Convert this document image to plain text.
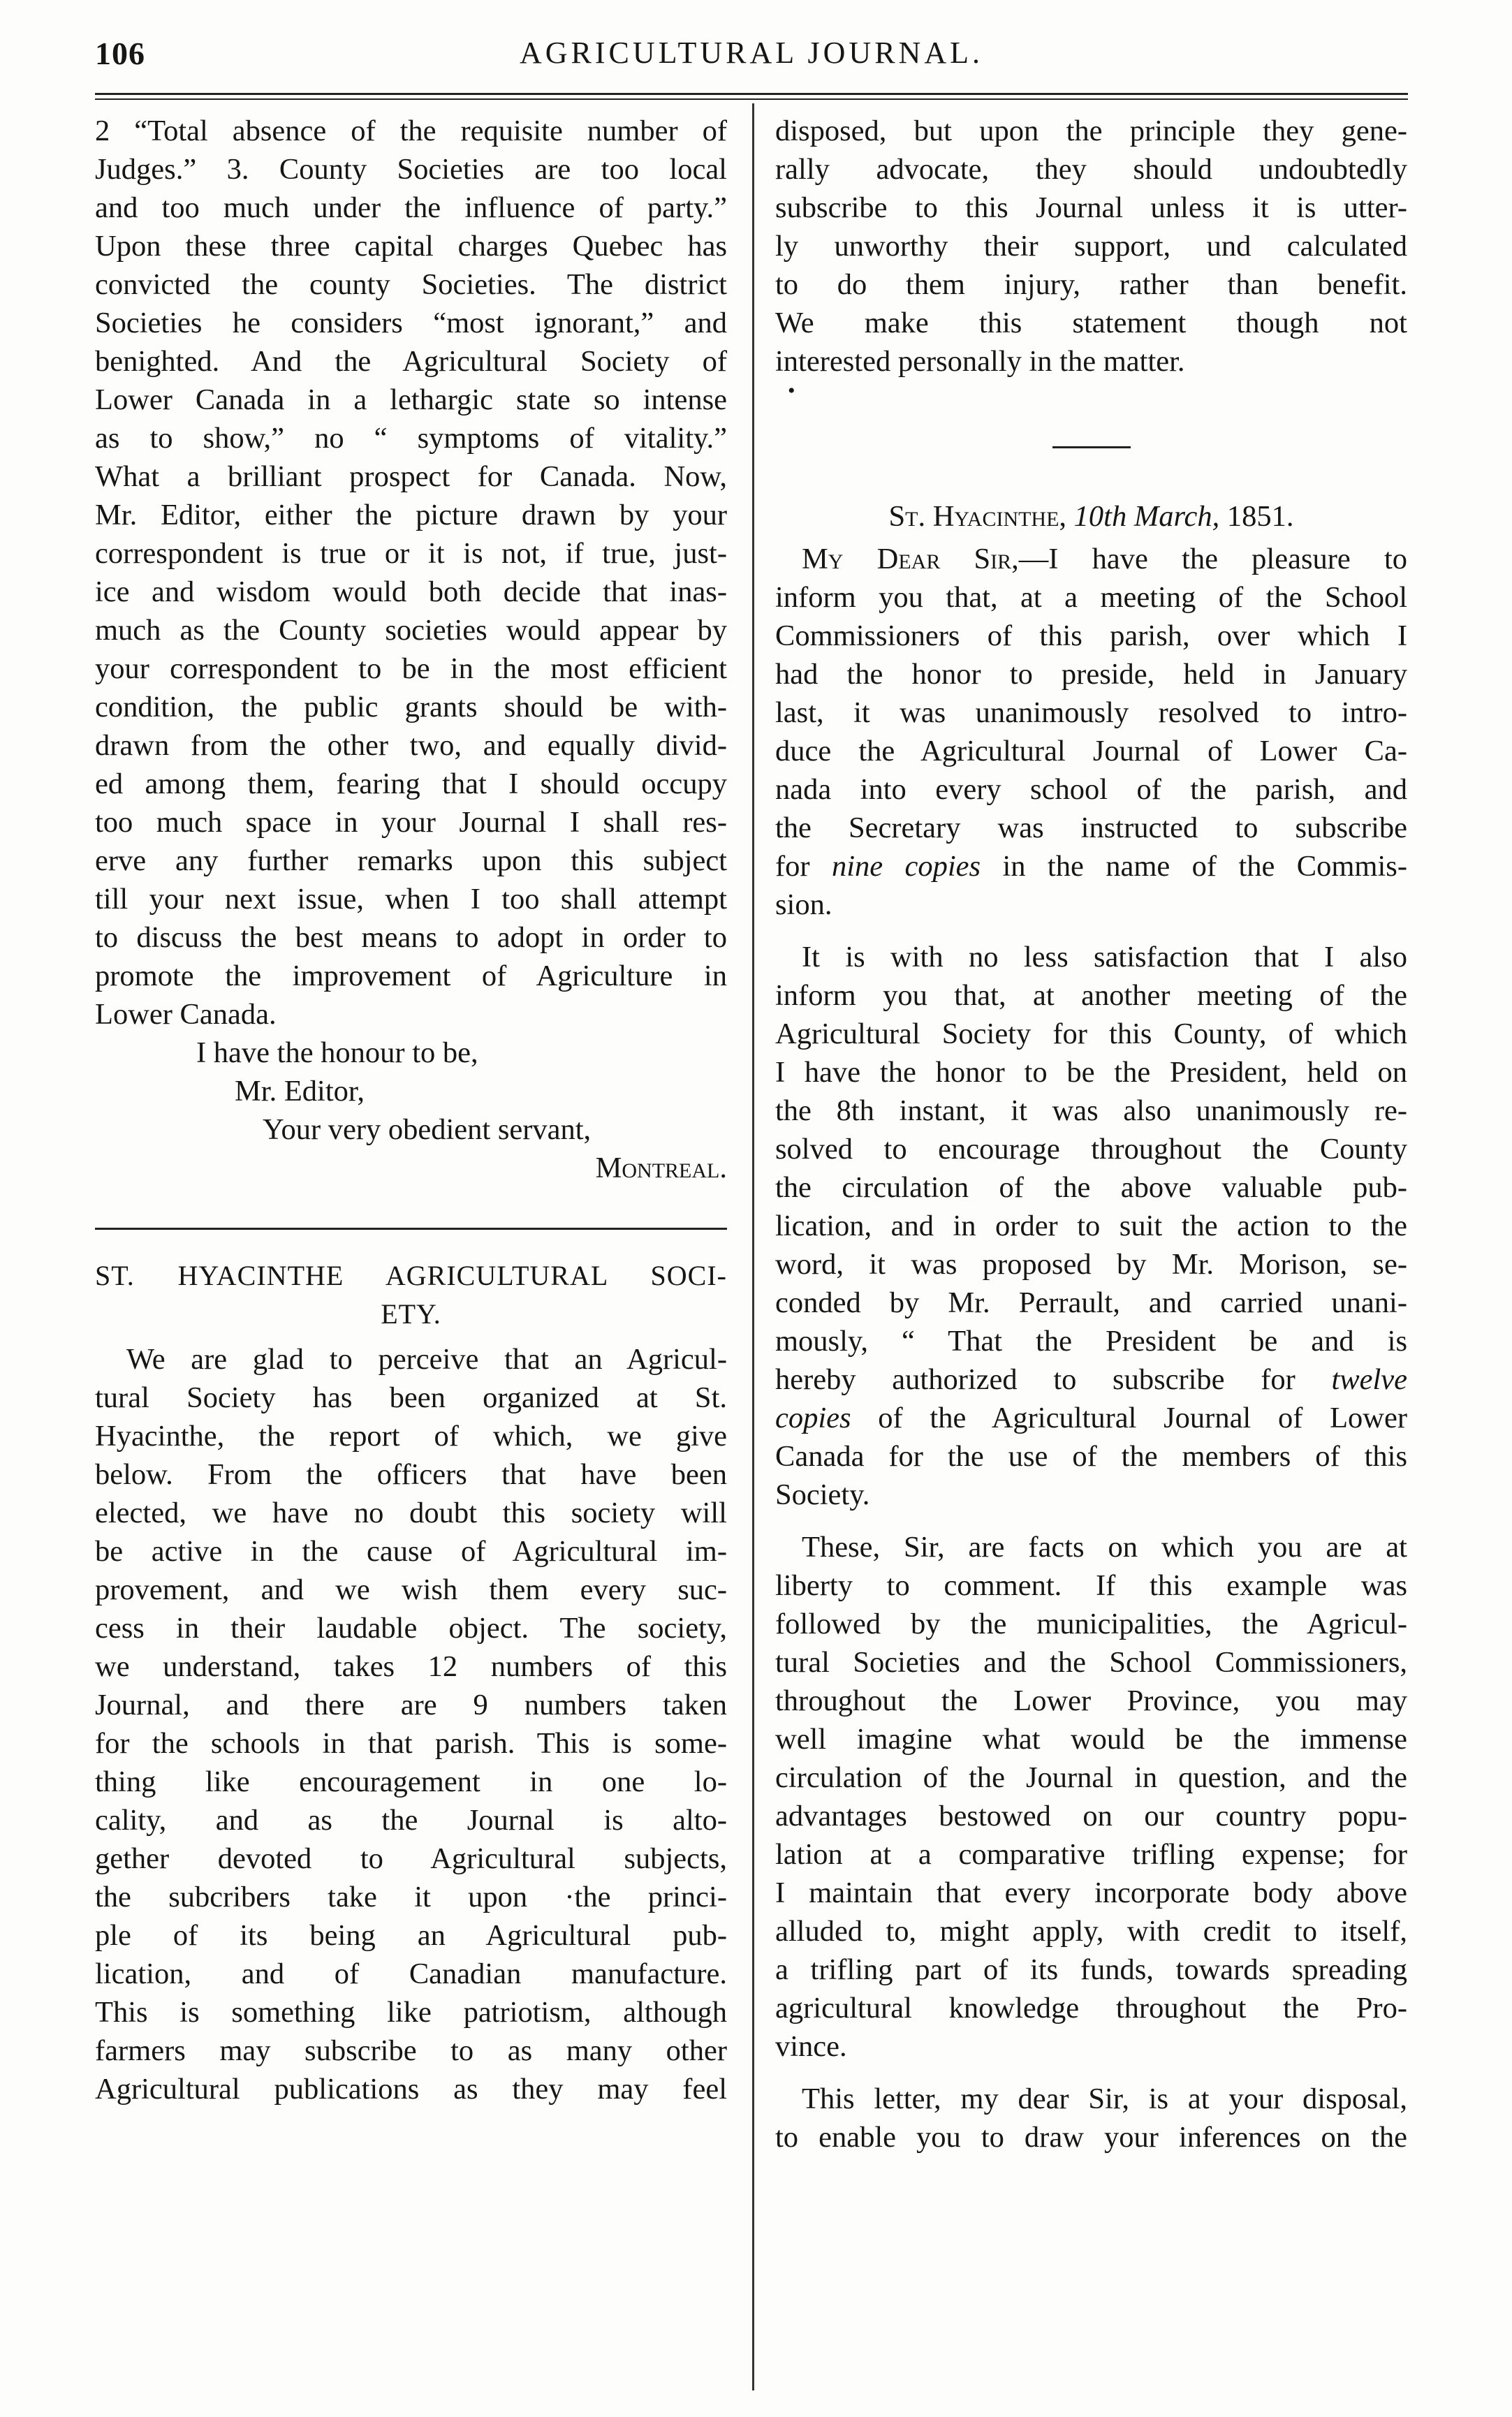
106	AGRICULTURAL JOURNAL.
2 “Total absence of the requisite number of
Judges.” 3. County Societies are too local
and too much under the influence of party.”
Upon these three capital charges Quebec has
convicted the county Societies. The district
Societies he considers “most ignorant,” and
benighted. And the Agricultural Society of
Lower Canada in a lethargic state so intense
as to show,” no “ symptoms of vitality.”
What a brilliant prospect for Canada. Now,
Mr. Editor, either the picture drawn by your
correspondent is true or it is not, if true, just-
ice and wisdom would both decide that inas-
much as the County societies would appear by
your correspondent to be in the most efficient
condition, the public grants should be with-
drawn from the other two, and equally divid-
ed among them, fearing that I should occupy
too much space in your Journal I shall res-
erve any further remarks upon this subject
till your next issue, when I too shall attempt
to discuss the best means to adopt in order to
promote the improvement of Agriculture in
Lower Canada.
I have the honour to be,
Mr. Editor,
Your very obedient servant,
Montreal.
ST. HYACINTHE AGRICULTURAL SOCI-
ETY.
We are glad to perceive that an Agricul-
tural Society has been organized at St.
Hyacinthe, the report of which, we give
below. From the officers that have been
elected, we have no doubt this society will
be active in the cause of Agricultural im-
provement, and we wish them every suc-
cess in their laudable object. The society,
we understand, takes 12 numbers of this
Journal, and there are 9 numbers taken
for the schools in that parish. This is some-
thing like encouragement in one lo-
cality, and as the Journal is alto-
gether devoted to Agricultural subjects,
the subcribers take it upon ·the princi-
ple of its being an Agricultural pub-
lication, and of Canadian manufacture.
This is something like patriotism, although
farmers may subscribe to as many other
Agricultural publications as they may feel
disposed, but upon the principle they gene-
rally advocate, they should undoubtedly
subscribe to this Journal unless it is utter-
ly unworthy their support, und calculated
to do them injury, rather than benefit.
We make this statement though not
interested personally in the matter.
•
St. Hyacinthe, 10th March, 1851.
My Dear Sir,—I have the pleasure to
inform you that, at a meeting of the School
Commissioners of this parish, over which I
had the honor to preside, held in January
last, it was unanimously resolved to intro-
duce the Agricultural Journal of Lower Ca-
nada into every school of the parish, and
the Secretary was instructed to subscribe
for nine copies in the name of the Commis-
sion.
It is with no less satisfaction that I also
inform you that, at another meeting of the
Agricultural Society for this County, of which
I have the honor to be the President, held on
the 8th instant, it was also unanimously re-
solved to encourage throughout the County
the circulation of the above valuable pub-
lication, and in order to suit the action to the
word, it was proposed by Mr. Morison, se-
conded by Mr. Perrault, and carried unani-
mously, “ That the President be and is
hereby authorized to subscribe for twelve
copies of the Agricultural Journal of Lower
Canada for the use of the members of this
Society.
These, Sir, are facts on which you are at
liberty to comment. If this example was
followed by the municipalities, the Agricul-
tural Societies and the School Commissioners,
throughout the Lower Province, you may
well imagine what would be the immense
circulation of the Journal in question, and the
advantages bestowed on our country popu-
lation at a comparative trifling expense; for
I maintain that every incorporate body above
alluded to, might apply, with credit to itself,
a trifling part of its funds, towards spreading
agricultural knowledge throughout the Pro-
vince.
This letter, my dear Sir, is at your disposal,
to enable you to draw your inferences on the
